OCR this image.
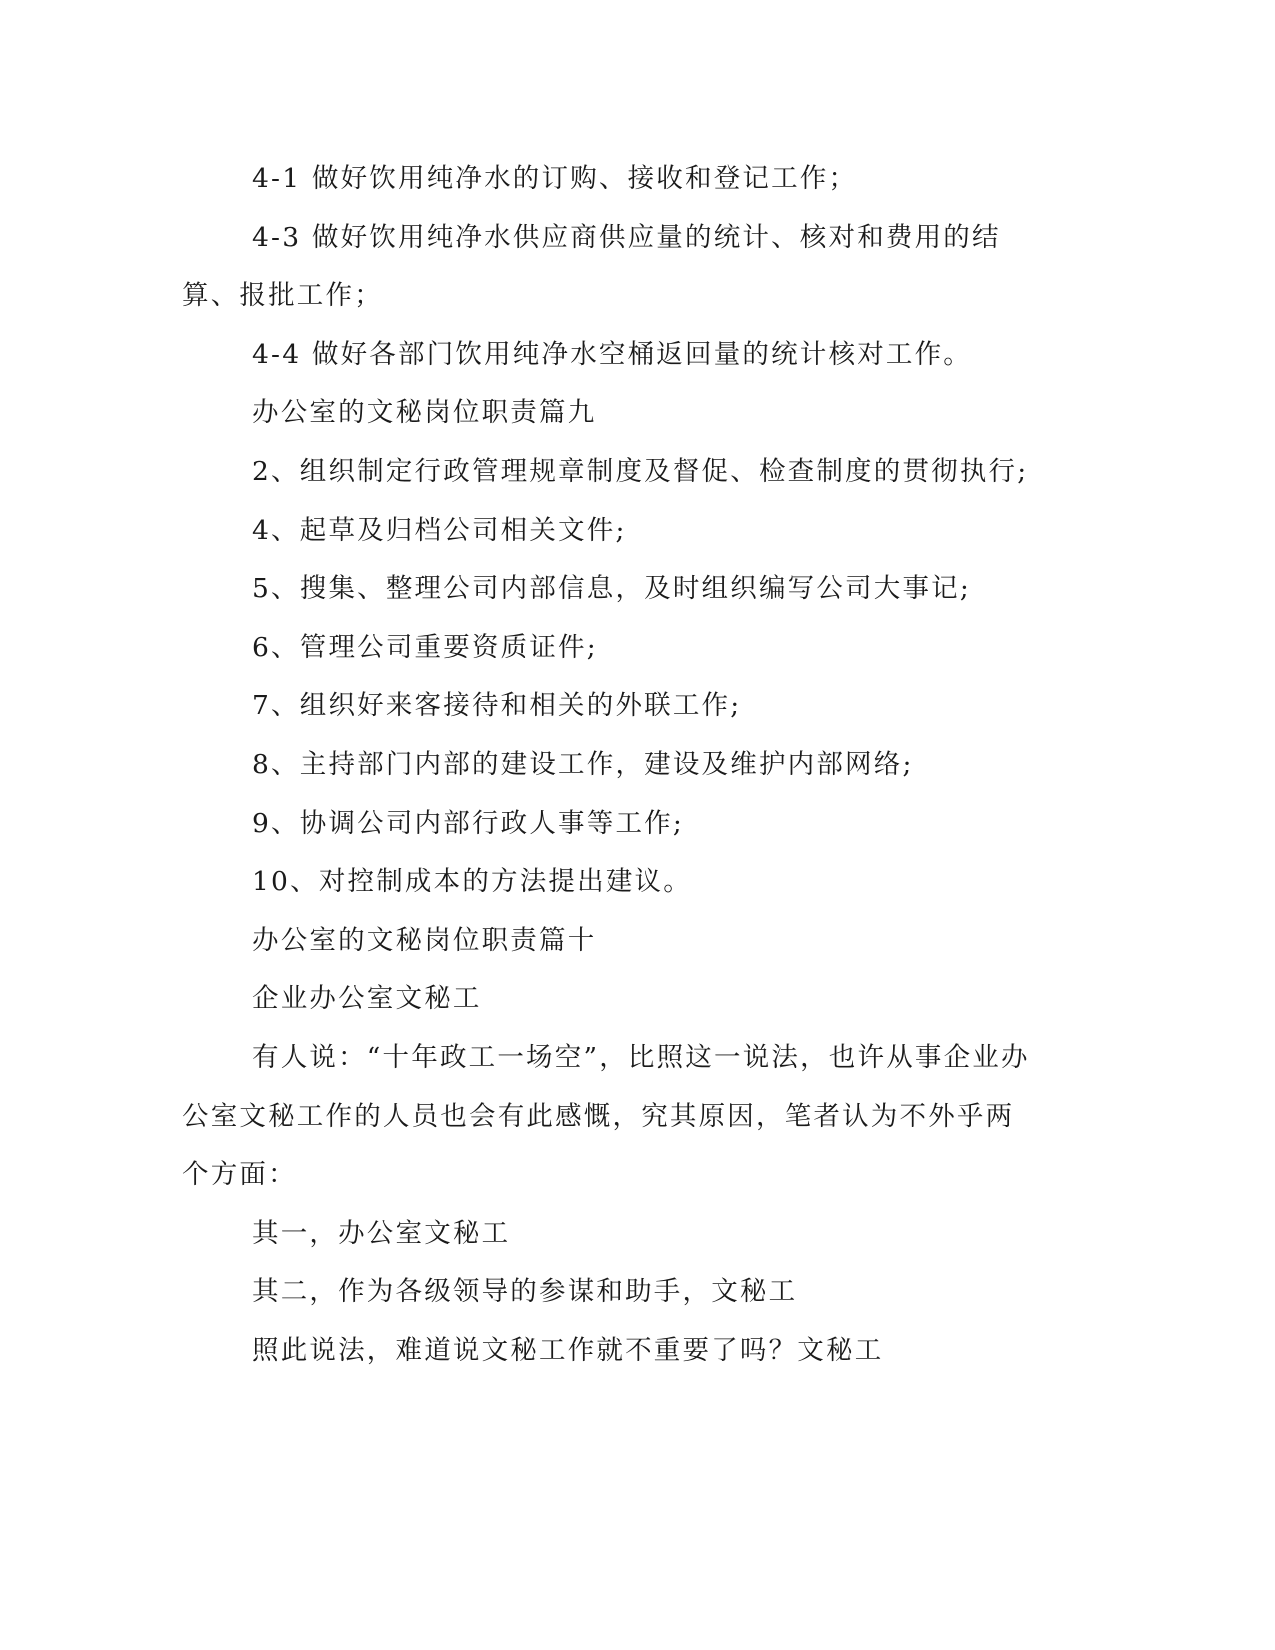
4-1 做好饮用纯净水的订购、接收和登记工作；

4-3 做好饮用纯净水供应商供应量的统计、核对和费用的结算、报批工作；

4-4 做好各部门饮用纯净水空桶返回量的统计核对工作。

办公室的文秘岗位职责篇九

2、组织制定行政管理规章制度及督促、检查制度的贯彻执行;

4、起草及归档公司相关文件;

5、搜集、整理公司内部信息，及时组织编写公司大事记;

6、管理公司重要资质证件;

7、组织好来客接待和相关的外联工作;

8、主持部门内部的建设工作，建设及维护内部网络;

9、协调公司内部行政人事等工作;

10、对控制成本的方法提出建议。

办公室的文秘岗位职责篇十

企业办公室文秘工

有人说：“十年政工一场空”，比照这一说法，也许从事企业办公室文秘工作的人员也会有此感慨，究其原因，笔者认为不外乎两个方面：

其一，办公室文秘工

其二，作为各级领导的参谋和助手，文秘工

照此说法，难道说文秘工作就不重要了吗？文秘工
